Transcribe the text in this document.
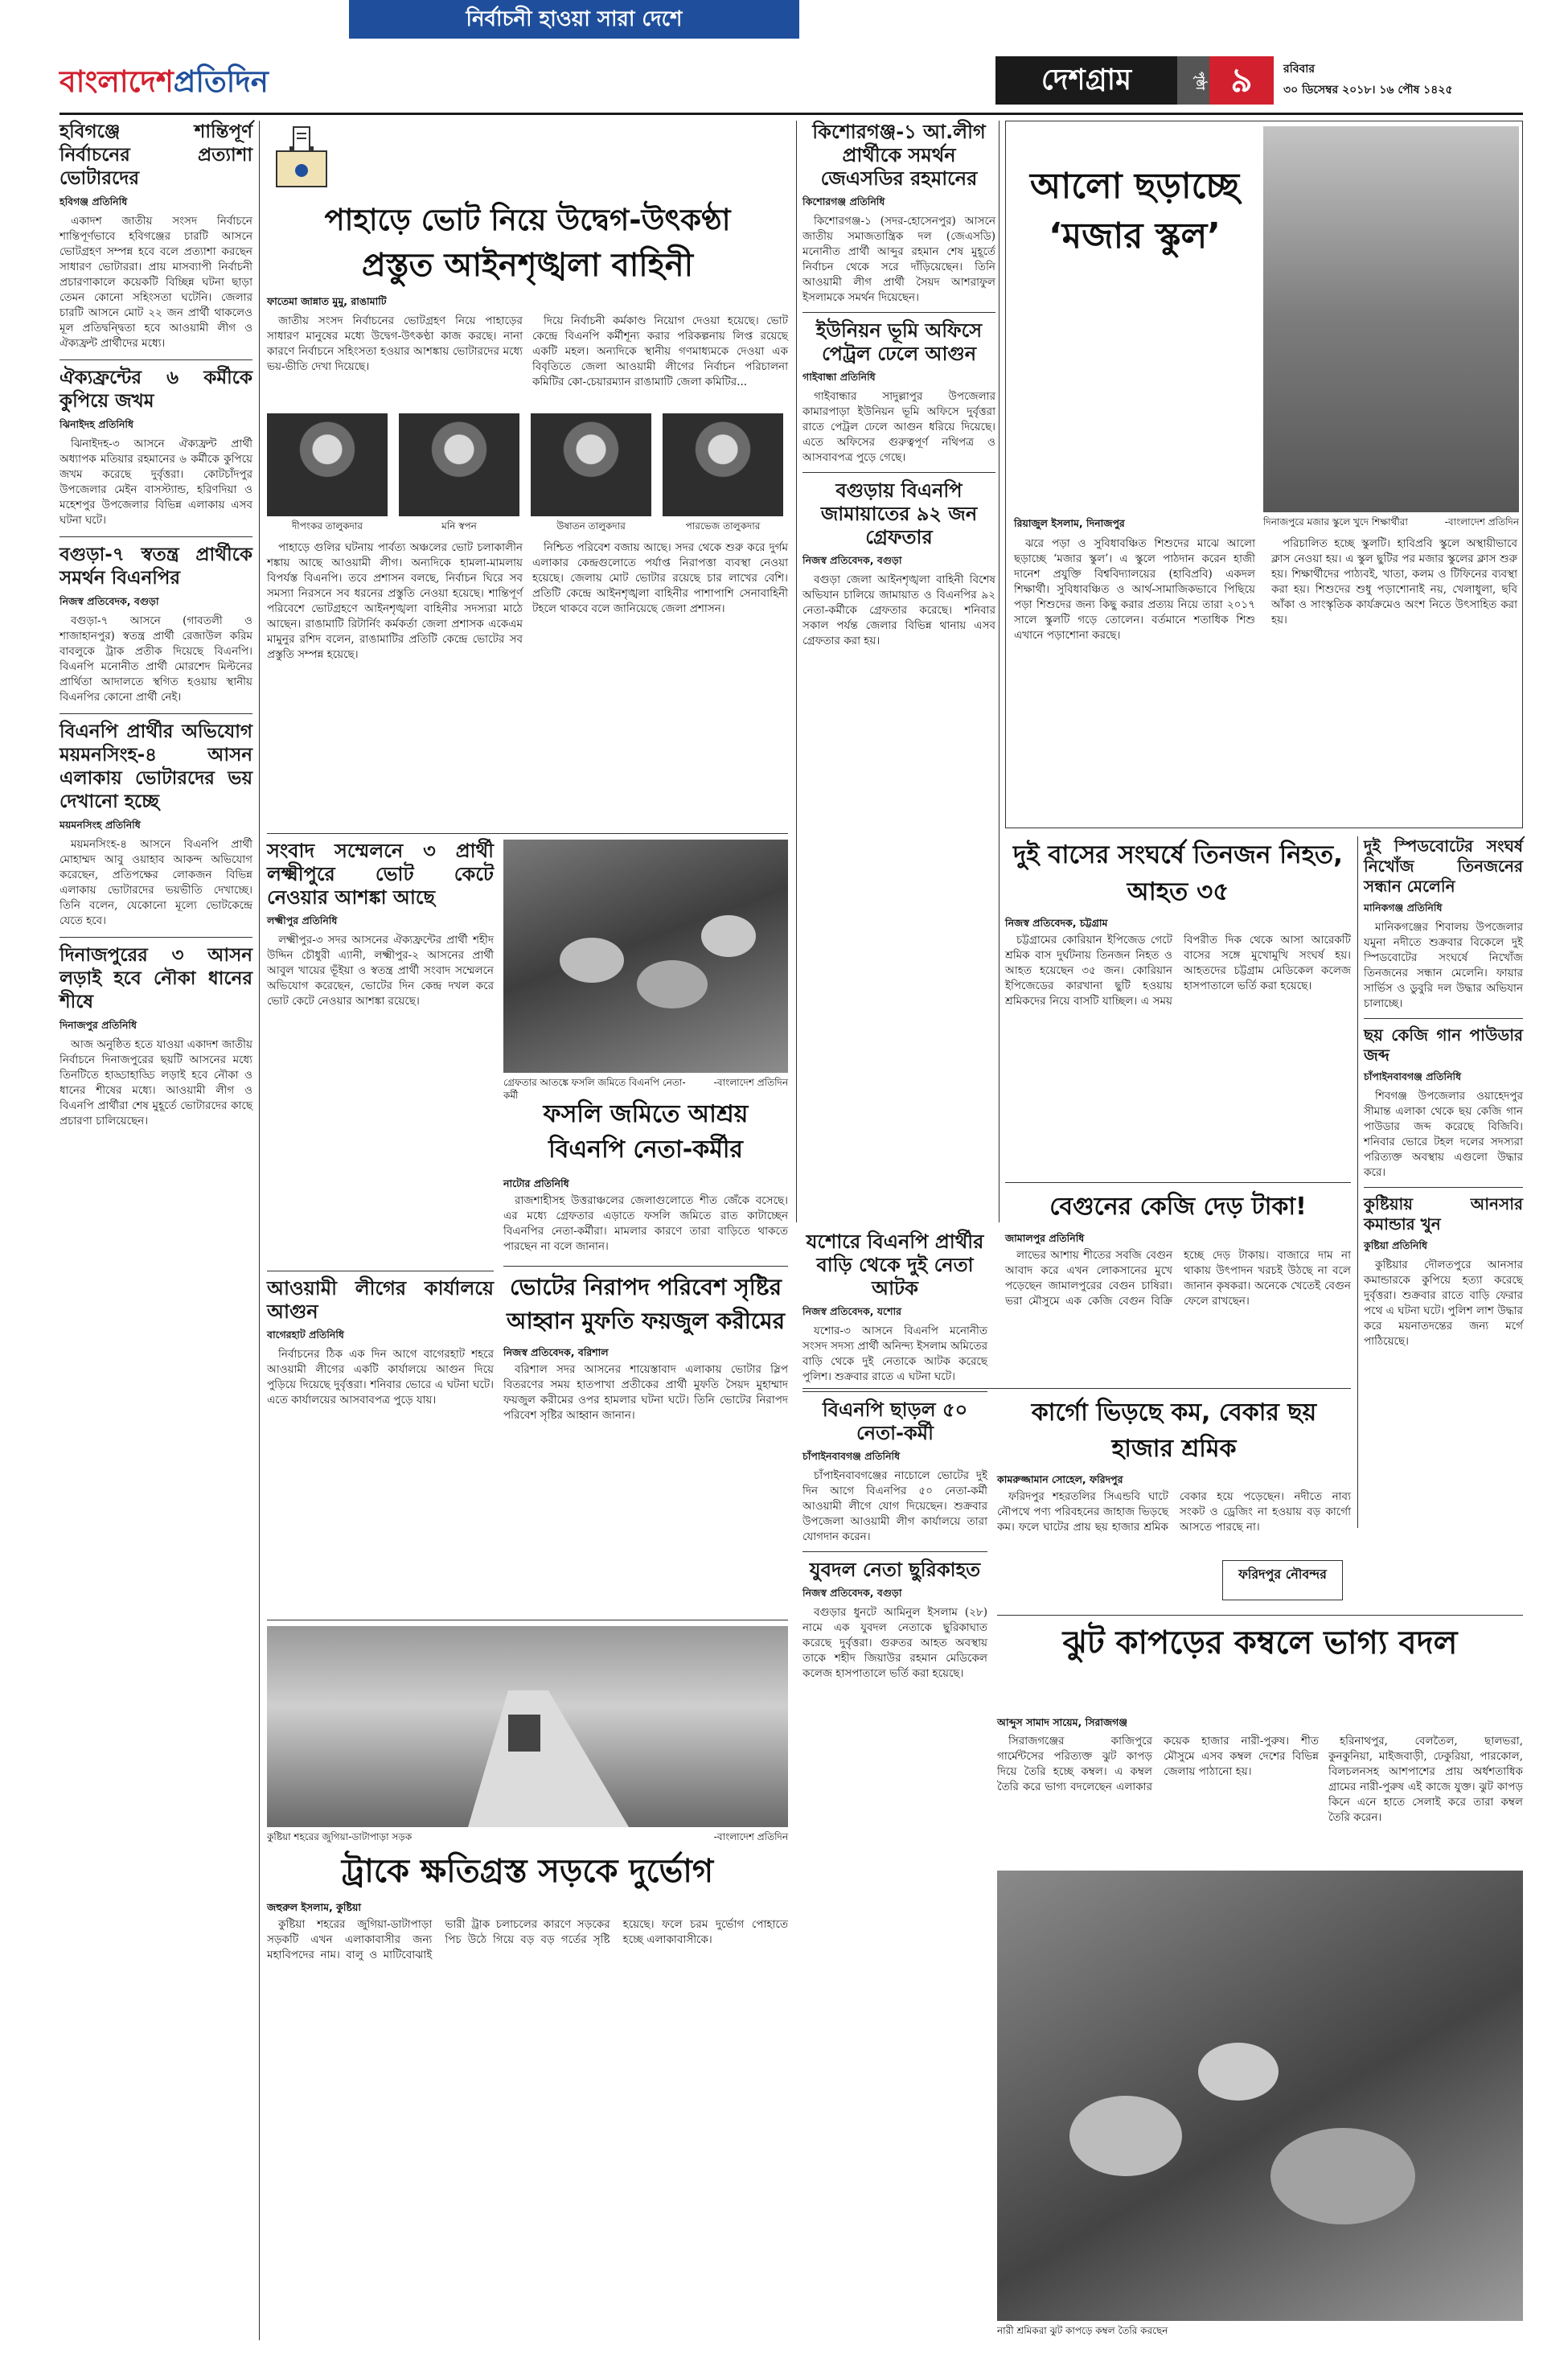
বাংলাদেশপ্রতিদিন	দেশগ্রাম	পৃষ্ঠা ৯	রবিবার
৩০ ডিসেম্বর ২০১৮। ১৬ পৌষ ১৪২৫
হবিগঞ্জে শান্তিপূর্ণ নির্বাচনের প্রত্যাশা ভোটারদের
হবিগঞ্জ প্রতিনিধি

একাদশ জাতীয় সংসদ নির্বাচনে শান্তিপূর্ণভাবে হবিগঞ্জের চারটি আসনে ভোটগ্রহণ সম্পন্ন হবে বলে প্রত্যাশা করছেন সাধারণ ভোটাররা। প্রায় মাসব্যাপী নির্বাচনী প্রচারণাকালে কয়েকটি বিচ্ছিন্ন ঘটনা ছাড়া তেমন কোনো সহিংসতা ঘটেনি। জেলার চারটি আসনে মোট ২২ জন প্রার্থী থাকলেও মূল প্রতিদ্বন্দ্বিতা হবে আওয়ামী লীগ ও ঐক্যফ্রন্ট প্রার্থীদের মধ্যে।

ঐক্যফ্রন্টের ৬ কর্মীকে কুপিয়ে জখম
ঝিনাইদহ প্রতিনিধি

ঝিনাইদহ-৩ আসনে ঐক্যফ্রন্ট প্রার্থী অধ্যাপক মতিয়ার রহমানের ৬ কর্মীকে কুপিয়ে জখম করেছে দুর্বৃত্তরা। কোটচাঁদপুর উপজেলার মেইন বাসস্ট্যান্ড, হরিণদিয়া ও মহেশপুর উপজেলার বিভিন্ন এলাকায় এসব ঘটনা ঘটে।

বগুড়া-৭ স্বতন্ত্র প্রার্থীকে সমর্থন বিএনপির
নিজস্ব প্রতিবেদক, বগুড়া

বগুড়া-৭ আসনে (গাবতলী ও শাজাহানপুর) স্বতন্ত্র প্রার্থী রেজাউল করিম বাবলুকে ট্রাক প্রতীক দিয়েছে বিএনপি। বিএনপি মনোনীত প্রার্থী মোরশেদ মিল্টনের প্রার্থিতা আদালতে স্থগিত হওয়ায় স্থানীয় বিএনপির কোনো প্রার্থী নেই।

বিএনপি প্রার্থীর অভিযোগ ময়মনসিংহ-৪ আসন এলাকায় ভোটারদের ভয় দেখানো হচ্ছে
ময়মনসিংহ প্রতিনিধি

ময়মনসিংহ-৪ আসনে বিএনপি প্রার্থী মোহাম্মদ আবু ওয়াহাব আকন্দ অভিযোগ করেছেন, প্রতিপক্ষের লোকজন বিভিন্ন এলাকায় ভোটারদের ভয়ভীতি দেখাচ্ছে। তিনি বলেন, যেকোনো মূল্যে ভোটকেন্দ্রে যেতে হবে।

দিনাজপুরের ৩ আসন লড়াই হবে নৌকা ধানের শীষে
দিনাজপুর প্রতিনিধি

আজ অনুষ্ঠিত হতে যাওয়া একাদশ জাতীয় নির্বাচনে দিনাজপুরের ছয়টি আসনের মধ্যে তিনটিতে হাড্ডাহাড্ডি লড়াই হবে নৌকা ও ধানের শীষের মধ্যে। আওয়ামী লীগ ও বিএনপি প্রার্থীরা শেষ মুহূর্তে ভোটারদের কাছে প্রচারণা চালিয়েছেন।

নির্বাচনী হাওয়া সারা দেশে
পাহাড়ে ভোট নিয়ে উদ্বেগ-উৎকণ্ঠা
প্রস্তুত আইনশৃঙ্খলা বাহিনী
ফাতেমা জান্নাত মুমু, রাঙামাটি

জাতীয় সংসদ নির্বাচনের ভোটগ্রহণ নিয়ে পাহাড়ের সাধারণ মানুষের মধ্যে উদ্বেগ-উৎকণ্ঠা কাজ করছে। নানা কারণে নির্বাচনে সহিংসতা হওয়ার আশঙ্কায় ভোটারদের মধ্যে ভয়-ভীতি দেখা দিয়েছে।

দিয়ে নির্বাচনী কর্মকাণ্ড নিয়োগ দেওয়া হয়েছে। ভোট কেন্দ্রে বিএনপি কর্মীশূন্য করার পরিকল্পনায় লিপ্ত রয়েছে একটি মহল। অন্যদিকে স্থানীয় গণমাধ্যমকে দেওয়া এক বিবৃতিতে জেলা আওয়ামী লীগের নির্বাচন পরিচালনা কমিটির কো-চেয়ারম্যান রাঙামাটি জেলা কমিটির...

দীপংকর তালুকদার	মনি স্বপন	উষাতন তালুকদার	পারভেজ তালুকদার

পাহাড়ে গুলির ঘটনায় পার্বত্য অঞ্চলের ভোট চলাকালীন শঙ্কায় আছে আওয়ামী লীগ। অন্যদিকে হামলা-মামলায় বিপর্যস্ত বিএনপি। তবে প্রশাসন বলছে, নির্বাচন ঘিরে সব সমস্যা নিরসনে সব ধরনের প্রস্তুতি নেওয়া হয়েছে। শান্তিপূর্ণ পরিবেশে ভোটগ্রহণে আইনশৃঙ্খলা বাহিনীর সদস্যরা মাঠে আছেন। রাঙামাটি রিটার্নিং কর্মকর্তা জেলা প্রশাসক একেএম মামুনুর রশিদ বলেন, রাঙামাটির প্রতিটি কেন্দ্রে ভোটের সব প্রস্তুতি সম্পন্ন হয়েছে।

নিশ্চিত পরিবেশ বজায় আছে। সদর থেকে শুরু করে দুর্গম এলাকার কেন্দ্রগুলোতে পর্যাপ্ত নিরাপত্তা ব্যবস্থা নেওয়া হয়েছে। জেলায় মোট ভোটার রয়েছে চার লাখের বেশি। প্রতিটি কেন্দ্রে আইনশৃঙ্খলা বাহিনীর পাশাপাশি সেনাবাহিনী টহলে থাকবে বলে জানিয়েছে জেলা প্রশাসন।

সংবাদ সম্মেলনে ৩ প্রার্থী লক্ষ্মীপুরে ভোট কেটে নেওয়ার আশঙ্কা আছে
লক্ষ্মীপুর প্রতিনিধি

লক্ষ্মীপুর-৩ সদর আসনের ঐক্যফ্রন্টের প্রার্থী শহীদ উদ্দিন চৌধুরী এ্যানী, লক্ষ্মীপুর-২ আসনের প্রার্থী আবুল খায়ের ভূঁইয়া ও স্বতন্ত্র প্রার্থী সংবাদ সম্মেলনে অভিযোগ করেছেন, ভোটের দিন কেন্দ্র দখল করে ভোট কেটে নেওয়ার আশঙ্কা রয়েছে।

আওয়ামী লীগের কার্যালয়ে আগুন
বাগেরহাট প্রতিনিধি

নির্বাচনের ঠিক এক দিন আগে বাগেরহাট শহরে আওয়ামী লীগের একটি কার্যালয়ে আগুন দিয়ে পুড়িয়ে দিয়েছে দুর্বৃত্তরা। শনিবার ভোরে এ ঘটনা ঘটে। এতে কার্যালয়ের আসবাবপত্র পুড়ে যায়।

গ্রেফতার আতঙ্কে ফসলি জমিতে বিএনপি নেতা-কর্মী
-বাংলাদেশ প্রতিদিন
ফসলি জমিতে আশ্রয় বিএনপি নেতা-কর্মীর
নাটোর প্রতিনিধি

রাজশাহীসহ উত্তরাঞ্চলের জেলাগুলোতে শীত জেঁকে বসেছে। এর মধ্যে গ্রেফতার এড়াতে ফসলি জমিতে রাত কাটাচ্ছেন বিএনপির নেতা-কর্মীরা। মামলার কারণে তারা বাড়িতে থাকতে পারছেন না বলে জানান।

ভোটের নিরাপদ পরিবেশ সৃষ্টির আহ্বান মুফতি ফয়জুল করীমের
নিজস্ব প্রতিবেদক, বরিশাল

বরিশাল সদর আসনের শায়েস্তাবাদ এলাকায় ভোটার স্লিপ বিতরণের সময় হাতপাখা প্রতীকের প্রার্থী মুফতি সৈয়দ মুহাম্মাদ ফয়জুল করীমের ওপর হামলার ঘটনা ঘটে। তিনি ভোটের নিরাপদ পরিবেশ সৃষ্টির আহ্বান জানান।

কুষ্টিয়া শহরের জুগিয়া-ডাটাপাড়া সড়ক	-বাংলাদেশ প্রতিদিন
ট্রাকে ক্ষতিগ্রস্ত সড়কে দুর্ভোগ
জহুরুল ইসলাম, কুষ্টিয়া

কুষ্টিয়া শহরের জুগিয়া-ডাটাপাড়া সড়কটি এখন এলাকাবাসীর জন্য মহাবিপদের নাম। বালু ও মাটিবোঝাই ভারী ট্রাক চলাচলের কারণে সড়কের পিচ উঠে গিয়ে বড় বড় গর্তের সৃষ্টি হয়েছে। ফলে চরম দুর্ভোগ পোহাতে হচ্ছে এলাকাবাসীকে।

কিশোরগঞ্জ-১ আ.লীগ প্রার্থীকে সমর্থন জেএসডির রহমানের
কিশোরগঞ্জ প্রতিনিধি

কিশোরগঞ্জ-১ (সদর-হোসেনপুর) আসনে জাতীয় সমাজতান্ত্রিক দল (জেএসডি) মনোনীত প্রার্থী আব্দুর রহমান শেষ মুহূর্তে নির্বাচন থেকে সরে দাঁড়িয়েছেন। তিনি আওয়ামী লীগ প্রার্থী সৈয়দ আশরাফুল ইসলামকে সমর্থন দিয়েছেন।

ইউনিয়ন ভূমি অফিসে পেট্রল ঢেলে আগুন
গাইবান্ধা প্রতিনিধি

গাইবান্ধার সাদুল্লাপুর উপজেলার কামারপাড়া ইউনিয়ন ভূমি অফিসে দুর্বৃত্তরা রাতে পেট্রল ঢেলে আগুন ধরিয়ে দিয়েছে। এতে অফিসের গুরুত্বপূর্ণ নথিপত্র ও আসবাবপত্র পুড়ে গেছে।

বগুড়ায় বিএনপি জামায়াতের ৯২ জন গ্রেফতার
নিজস্ব প্রতিবেদক, বগুড়া

বগুড়া জেলা আইনশৃঙ্খলা বাহিনী বিশেষ অভিযান চালিয়ে জামায়াত ও বিএনপির ৯২ নেতা-কর্মীকে গ্রেফতার করেছে। শনিবার সকাল পর্যন্ত জেলার বিভিন্ন থানায় এসব গ্রেফতার করা হয়।

যশোরে বিএনপি প্রার্থীর বাড়ি থেকে দুই নেতা আটক
নিজস্ব প্রতিবেদক, যশোর

যশোর-৩ আসনে বিএনপি মনোনীত সংসদ সদস্য প্রার্থী অনিন্দ্য ইসলাম অমিতের বাড়ি থেকে দুই নেতাকে আটক করেছে পুলিশ। শুক্রবার রাতে এ ঘটনা ঘটে।

বিএনপি ছাড়ল ৫০ নেতা-কর্মী
চাঁপাইনবাবগঞ্জ প্রতিনিধি

চাঁপাইনবাবগঞ্জের নাচোলে ভোটের দুই দিন আগে বিএনপির ৫০ নেতা-কর্মী আওয়ামী লীগে যোগ দিয়েছেন। শুক্রবার উপজেলা আওয়ামী লীগ কার্যালয়ে তারা যোগদান করেন।

যুবদল নেতা ছুরিকাহত
নিজস্ব প্রতিবেদক, বগুড়া

বগুড়ার ধুনটে আমিনুল ইসলাম (২৮) নামে এক যুবদল নেতাকে ছুরিকাঘাত করেছে দুর্বৃত্তরা। গুরুতর আহত অবস্থায় তাকে শহীদ জিয়াউর রহমান মেডিকেল কলেজ হাসপাতালে ভর্তি করা হয়েছে।

আলো ছড়াচ্ছে ‘মজার স্কুল’
দিনাজপুরে মজার স্কুলে খুদে শিক্ষার্থীরা	-বাংলাদেশ প্রতিদিন
রিয়াজুল ইসলাম, দিনাজপুর

ঝরে পড়া ও সুবিধাবঞ্চিত শিশুদের মাঝে আলো ছড়াচ্ছে ‘মজার স্কুল’। এ স্কুলে পাঠদান করেন হাজী দানেশ প্রযুক্তি বিশ্ববিদ্যালয়ের (হাবিপ্রবি) একদল শিক্ষার্থী। সুবিধাবঞ্চিত ও আর্থ-সামাজিকভাবে পিছিয়ে পড়া শিশুদের জন্য কিছু করার প্রত্যয় নিয়ে তারা ২০১৭ সালে স্কুলটি গড়ে তোলেন। বর্তমানে শতাধিক শিশু এখানে পড়াশোনা করছে।

পরিচালিত হচ্ছে স্কুলটি। হাবিপ্রবি স্কুলে অস্থায়ীভাবে ক্লাস নেওয়া হয়। এ স্কুল ছুটির পর মজার স্কুলের ক্লাস শুরু হয়। শিক্ষার্থীদের পাঠ্যবই, খাতা, কলম ও টিফিনের ব্যবস্থা করা হয়। শিশুদের শুধু পড়াশোনাই নয়, খেলাধুলা, ছবি আঁকা ও সাংস্কৃতিক কার্যক্রমেও অংশ নিতে উৎসাহিত করা হয়।

দুই বাসের সংঘর্ষে তিনজন নিহত, আহত ৩৫
নিজস্ব প্রতিবেদক, চট্টগ্রাম

চট্টগ্রামের কোরিয়ান ইপিজেড গেটে শ্রমিক বাস দুর্ঘটনায় তিনজন নিহত ও আহত হয়েছেন ৩৫ জন। কোরিয়ান ইপিজেডের কারখানা ছুটি হওয়ায় শ্রমিকদের নিয়ে বাসটি যাচ্ছিল। এ সময় বিপরীত দিক থেকে আসা আরেকটি বাসের সঙ্গে মুখোমুখি সংঘর্ষ হয়। আহতদের চট্টগ্রাম মেডিকেল কলেজ হাসপাতালে ভর্তি করা হয়েছে।

দুই স্পিডবোটের সংঘর্ষ নিখোঁজ তিনজনের সন্ধান মেলেনি
মানিকগঞ্জ প্রতিনিধি

মানিকগঞ্জের শিবালয় উপজেলার যমুনা নদীতে শুক্রবার বিকেলে দুই স্পিডবোটের সংঘর্ষে নিখোঁজ তিনজনের সন্ধান মেলেনি। ফায়ার সার্ভিস ও ডুবুরি দল উদ্ধার অভিযান চালাচ্ছে।

ছয় কেজি গান পাউডার জব্দ
চাঁপাইনবাবগঞ্জ প্রতিনিধি

শিবগঞ্জ উপজেলার ওয়াহেদপুর সীমান্ত এলাকা থেকে ছয় কেজি গান পাউডার জব্দ করেছে বিজিবি। শনিবার ভোরে টহল দলের সদস্যরা পরিত্যক্ত অবস্থায় এগুলো উদ্ধার করে।

কুষ্টিয়ায় আনসার কমান্ডার খুন
কুষ্টিয়া প্রতিনিধি

কুষ্টিয়ার দৌলতপুরে আনসার কমান্ডারকে কুপিয়ে হত্যা করেছে দুর্বৃত্তরা। শুক্রবার রাতে বাড়ি ফেরার পথে এ ঘটনা ঘটে। পুলিশ লাশ উদ্ধার করে ময়নাতদন্তের জন্য মর্গে পাঠিয়েছে।

বেগুনের কেজি দেড় টাকা!
জামালপুর প্রতিনিধি

লাভের আশায় শীতের সবজি বেগুন আবাদ করে এখন লোকসানের মুখে পড়েছেন জামালপুরের বেগুন চাষিরা। ভরা মৌসুমে এক কেজি বেগুন বিক্রি হচ্ছে দেড় টাকায়। বাজারে দাম না থাকায় উৎপাদন খরচই উঠছে না বলে জানান কৃষকরা। অনেকে খেতেই বেগুন ফেলে রাখছেন।

কার্গো ভিড়ছে কম, বেকার ছয় হাজার শ্রমিক
কামরুজ্জামান সোহেল, ফরিদপুর

ফরিদপুর শহরতলির সিএন্ডবি ঘাটে নৌপথে পণ্য পরিবহনের জাহাজ ভিড়ছে কম। ফলে ঘাটের প্রায় ছয় হাজার শ্রমিক বেকার হয়ে পড়েছেন। নদীতে নাব্য সংকট ও ড্রেজিং না হওয়ায় বড় কার্গো আসতে পারছে না।

ফরিদপুর নৌবন্দর
ঝুট কাপড়ের কম্বলে ভাগ্য বদল
আব্দুস সামাদ সায়েম, সিরাজগঞ্জ

সিরাজগঞ্জের কাজিপুরে গার্মেন্টসের পরিত্যক্ত ঝুট কাপড় দিয়ে তৈরি হচ্ছে কম্বল। এ কম্বল তৈরি করে ভাগ্য বদলেছেন এলাকার কয়েক হাজার নারী-পুরুষ। শীত মৌসুমে এসব কম্বল দেশের বিভিন্ন জেলায় পাঠানো হয়।

হরিনাথপুর, বেলতৈল, ছালভরা, কুনকুনিয়া, মাইজবাড়ী, ঢেকুরিয়া, পারকোল, বিলচলনসহ আশপাশের প্রায় অর্ধশতাধিক গ্রামের নারী-পুরুষ এই কাজে যুক্ত। ঝুট কাপড় কিনে এনে হাতে সেলাই করে তারা কম্বল তৈরি করেন।

নারী শ্রমিকরা ঝুট কাপড়ে কম্বল তৈরি করছেন
